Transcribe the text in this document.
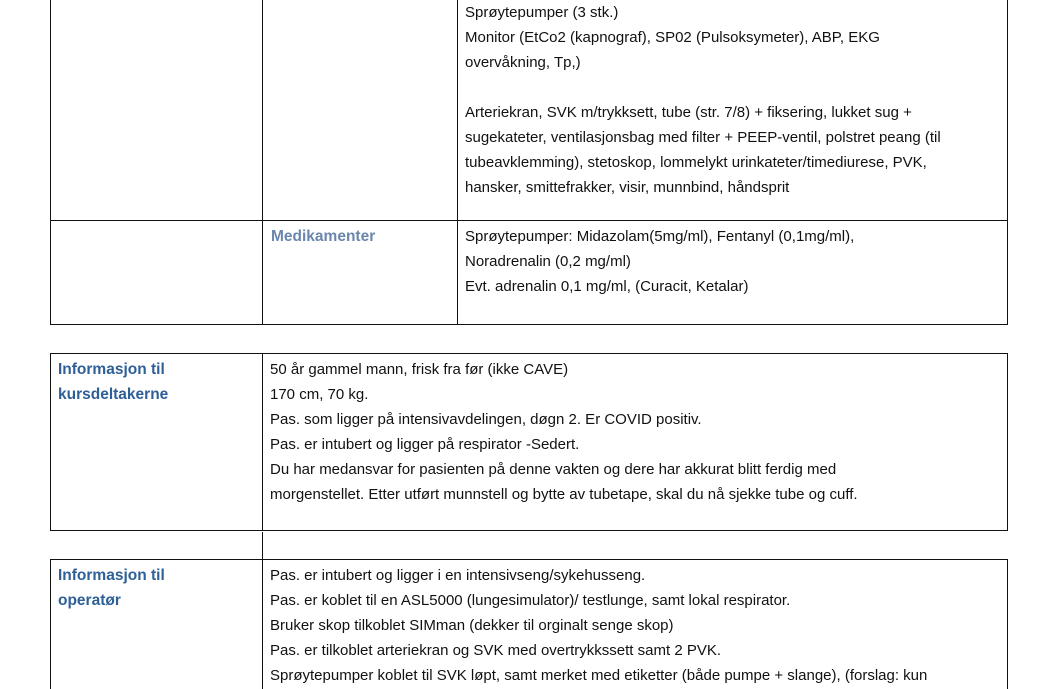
Sprøytepumper (3 stk.)
Monitor (EtCo2 (kapnograf), SP02 (Pulsoksymeter), ABP, EKG
overvåkning, Tp,)
Arteriekran, SVK m/trykksett, tube (str. 7/8) + fiksering, lukket sug +
sugekateter, ventilasjonsbag med filter + PEEP-ventil, polstret peang (til
tubeavklemming), stetoskop, lommelykt urinkateter/timediurese, PVK,
hansker, smittefrakker, visir, munnbind, håndsprit
Medikamenter	Sprøytepumper: Midazolam(5mg/ml), Fentanyl (0,1mg/ml),
Noradrenalin (0,2 mg/ml)
Evt. adrenalin 0,1 mg/ml, (Curacit, Ketalar)
Informasjon til
kursdeltakerne
50 år gammel mann, frisk fra før (ikke CAVE)
170 cm, 70 kg.
Pas. som ligger på intensivavdelingen, døgn 2. Er COVID positiv.
Pas. er intubert og ligger på respirator -Sedert.
Du har medansvar for pasienten på denne vakten og dere har akkurat blitt ferdig med
morgenstellet. Etter utført munnstell og bytte av tubetape, skal du nå sjekke tube og cuff.
Informasjon til
operatør
Pas. er intubert og ligger i en intensivseng/sykehusseng.
Pas. er koblet til en ASL5000 (lungesimulator)/ testlunge, samt lokal respirator.
Bruker skop tilkoblet SIMman (dekker til orginalt senge skop)
Pas. er tilkoblet arteriekran og SVK med overtrykkssett samt 2 PVK.
Sprøytepumper koblet til SVK løpt, samt merket med etiketter (både pumpe + slange), (forslag: kun
